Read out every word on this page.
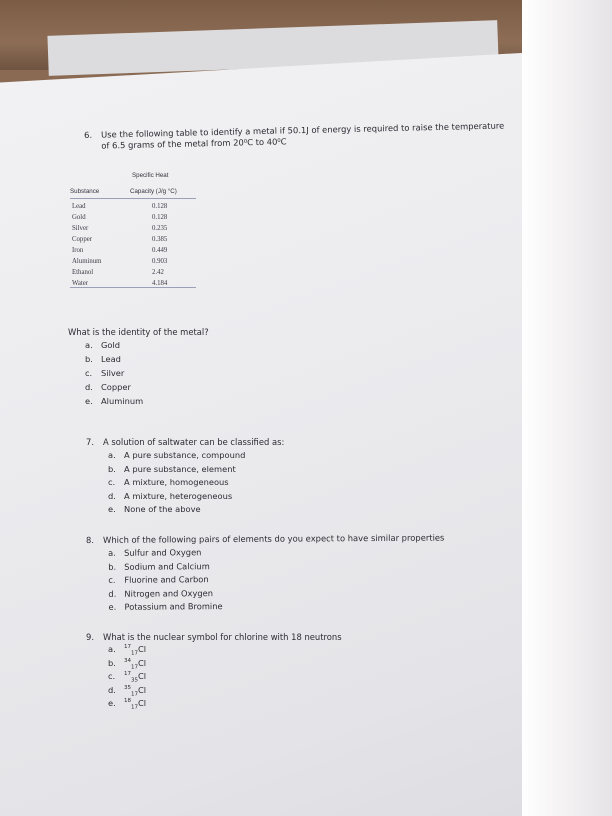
6. Use the following table to identify a metal if 50.1J of energy is required to raise the temperature
of 6.5 grams of the metal from 20⁰C to 40⁰C
Specific Heat
Substance	Capacity (J/g °C)
Lead	0.128
Gold	0.128
Silver	0.235
Copper	0.385
Iron	0.449
Aluminum	0.903
Ethanol	2.42
Water	4.184
What is the identity of the metal?
a. Gold
b. Lead
c. Silver
d. Copper
e. Aluminum
7. A solution of saltwater can be classified as:
a. A pure substance, compound
b. A pure substance, element
c. A mixture, homogeneous
d. A mixture, heterogeneous
e. None of the above
8. Which of the following pairs of elements do you expect to have similar properties
a. Sulfur and Oxygen
b. Sodium and Calcium
c. Fluorine and Carbon
d. Nitrogen and Oxygen
e. Potassium and Bromine
9. What is the nuclear symbol for chlorine with 18 neutrons
a. $^{17}_{17}$Cl
b. $^{34}_{17}$Cl
c. $^{17}_{35}$Cl
d. $^{35}_{17}$Cl
e. $^{18}_{17}$Cl
